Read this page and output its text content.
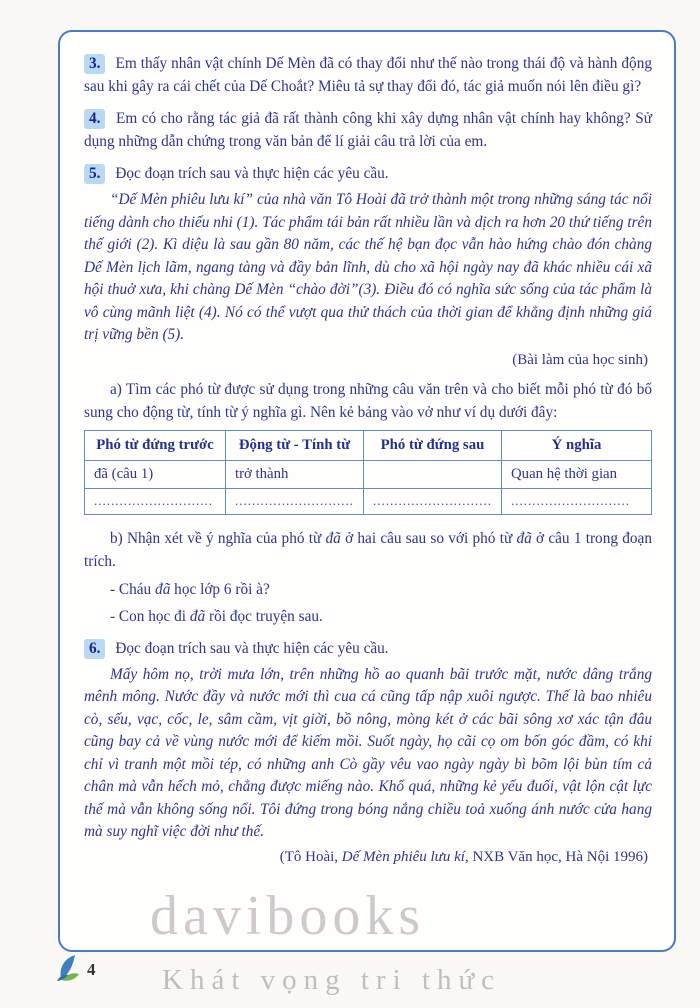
3. Em thấy nhân vật chính Dế Mèn đã có thay đổi như thế nào trong thái độ và hành động sau khi gây ra cái chết của Dế Choắt? Miêu tả sự thay đổi đó, tác giả muốn nói lên điều gì?

4. Em có cho rằng tác giả đã rất thành công khi xây dựng nhân vật chính hay không? Sử dụng những dẫn chứng trong văn bản để lí giải câu trả lời của em.

5. Đọc đoạn trích sau và thực hiện các yêu cầu.

“Dế Mèn phiêu lưu kí” của nhà văn Tô Hoài đã trở thành một trong những sáng tác nổi tiếng dành cho thiếu nhi (1). Tác phẩm tái bản rất nhiều lần và dịch ra hơn 20 thứ tiếng trên thế giới (2). Kì diệu là sau gần 80 năm, các thế hệ bạn đọc vẫn hào hứng chào đón chàng Dế Mèn lịch lãm, ngang tàng và đầy bản lĩnh, dù cho xã hội ngày nay đã khác nhiều cái xã hội thuở xưa, khi chàng Dế Mèn “chào đời”(3). Điều đó có nghĩa sức sống của tác phẩm là vô cùng mãnh liệt (4). Nó có thể vượt qua thử thách của thời gian để khẳng định những giá trị vững bền (5).

(Bài làm của học sinh)

a) Tìm các phó từ được sử dụng trong những câu văn trên và cho biết mỗi phó từ đó bổ sung cho động từ, tính từ ý nghĩa gì. Nên kẻ bảng vào vở như ví dụ dưới đây:

Phó từ đứng trước	Động từ - Tính từ	Phó từ đứng sau	Ý nghĩa
đã (câu 1)	trở thành		Quan hệ thời gian
............................	............................	............................	............................

b) Nhận xét về ý nghĩa của phó từ đã ở hai câu sau so với phó từ đã ở câu 1 trong đoạn trích.

- Cháu đã học lớp 6 rồi à?

- Con học đi đã rồi đọc truyện sau.

6. Đọc đoạn trích sau và thực hiện các yêu cầu.

Mấy hôm nọ, trời mưa lớn, trên những hồ ao quanh bãi trước mặt, nước dâng trắng mênh mông. Nước đầy và nước mới thì cua cá cũng tấp nập xuôi ngược. Thế là bao nhiêu cò, sếu, vạc, cốc, le, sâm cầm, vịt giời, bồ nông, mòng két ở các bãi sông xơ xác tận đâu cũng bay cả về vùng nước mới để kiếm mồi. Suốt ngày, họ cãi cọ om bốn góc đầm, có khi chỉ vì tranh một mồi tép, có những anh Cò gầy vêu vao ngày ngày bì bõm lội bùn tím cả chân mà vẫn hếch mỏ, chẳng được miếng nào. Khổ quá, những kẻ yếu đuối, vật lộn cật lực thế mà vẫn không sống nổi. Tôi đứng trong bóng nắng chiều toả xuống ánh nước cửa hang mà suy nghĩ việc đời như thế.

(Tô Hoài, Dế Mèn phiêu lưu kí, NXB Văn học, Hà Nội 1996)

4
davibooks
Khát vọng tri thức
